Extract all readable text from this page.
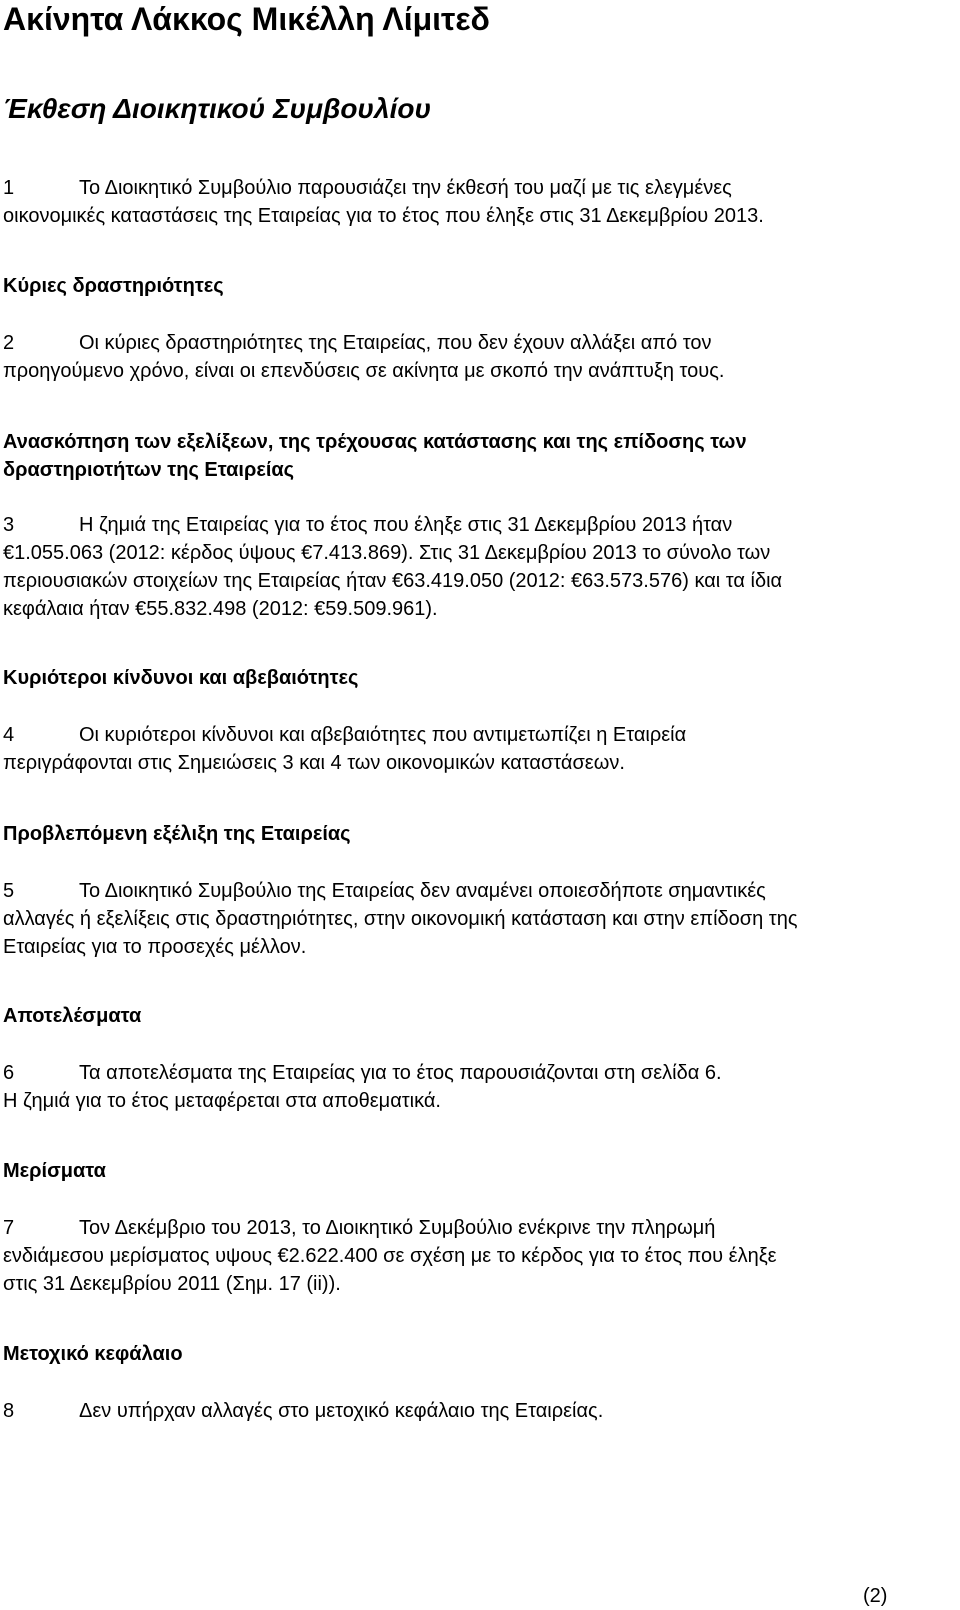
Ακίνητα Λάκκος Μικέλλη Λίμιτεδ
Έκθεση Διοικητικού Συμβουλίου
1	Το Διοικητικό Συμβούλιο παρουσιάζει την έκθεσή του μαζί με τις ελεγμένες
οικονομικές καταστάσεις της Εταιρείας για το έτος που έληξε στις 31 Δεκεμβρίου 2013.
Κύριες δραστηριότητες
2	Οι κύριες δραστηριότητες της Εταιρείας, που δεν έχουν αλλάξει από τον
προηγούμενο χρόνο, είναι οι επενδύσεις σε ακίνητα με σκοπό την ανάπτυξη τους.
Ανασκόπηση των εξελίξεων, της τρέχουσας κατάστασης και της επίδοσης των
δραστηριοτήτων της Εταιρείας
3	Η ζημιά της Εταιρείας για το έτος που έληξε στις 31 Δεκεμβρίου 2013 ήταν
€1.055.063 (2012: κέρδος ύψους €7.413.869). Στις 31 Δεκεμβρίου 2013 το σύνολο των
περιουσιακών στοιχείων της Εταιρείας ήταν €63.419.050 (2012: €63.573.576) και τα ίδια
κεφάλαια ήταν €55.832.498 (2012: €59.509.961).
Κυριότεροι κίνδυνοι και αβεβαιότητες
4	Οι κυριότεροι κίνδυνοι και αβεβαιότητες που αντιμετωπίζει η Εταιρεία
περιγράφονται στις Σημειώσεις 3 και 4 των οικονομικών καταστάσεων.
Προβλεπόμενη εξέλιξη της Εταιρείας
5	Το Διοικητικό Συμβούλιο της Εταιρείας δεν αναμένει οποιεσδήποτε σημαντικές
αλλαγές ή εξελίξεις στις δραστηριότητες, στην οικονομική κατάσταση και στην επίδοση της
Εταιρείας για το προσεχές μέλλον.
Αποτελέσματα
6	Τα αποτελέσματα της Εταιρείας για το έτος παρουσιάζονται στη σελίδα 6.
Η ζημιά για το έτος μεταφέρεται στα αποθεματικά.
Μερίσματα
7	Τον Δεκέμβριο του 2013, το Διοικητικό Συμβούλιο ενέκρινε την πληρωμή
ενδιάμεσου μερίσματος υψους €2.622.400 σε σχέση με το κέρδος για το έτος που έληξε
στις 31 Δεκεμβρίου 2011 (Σημ. 17 (ii)).
Μετοχικό κεφάλαιο
8	Δεν υπήρχαν αλλαγές στο μετοχικό κεφάλαιο της Εταιρείας.
(2)
